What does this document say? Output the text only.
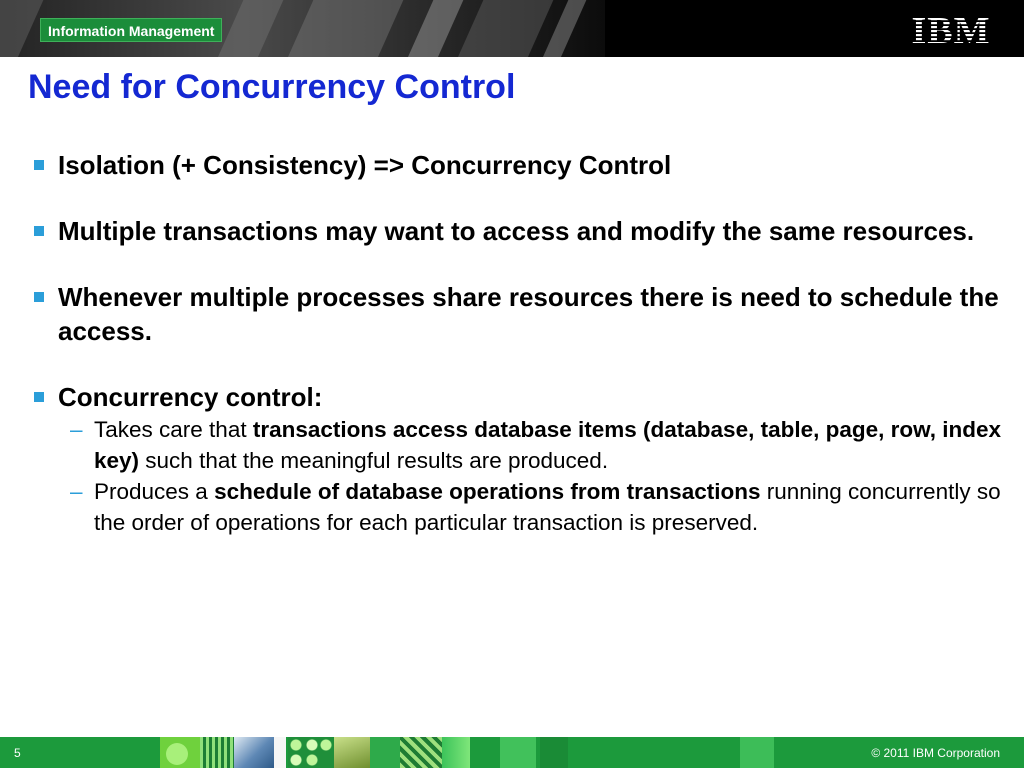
Information Management	IBM
Need for Concurrency Control
Isolation (+ Consistency) => Concurrency Control
Multiple transactions may want to access and modify the same resources.
Whenever multiple processes share resources there is need to schedule the access.
Concurrency control:
– Takes care that transactions access database items (database, table, page, row, index key) such that the meaningful results are produced.
– Produces a schedule of database operations from transactions running concurrently so the order of operations for each particular transaction is preserved.
5	© 2011 IBM Corporation
